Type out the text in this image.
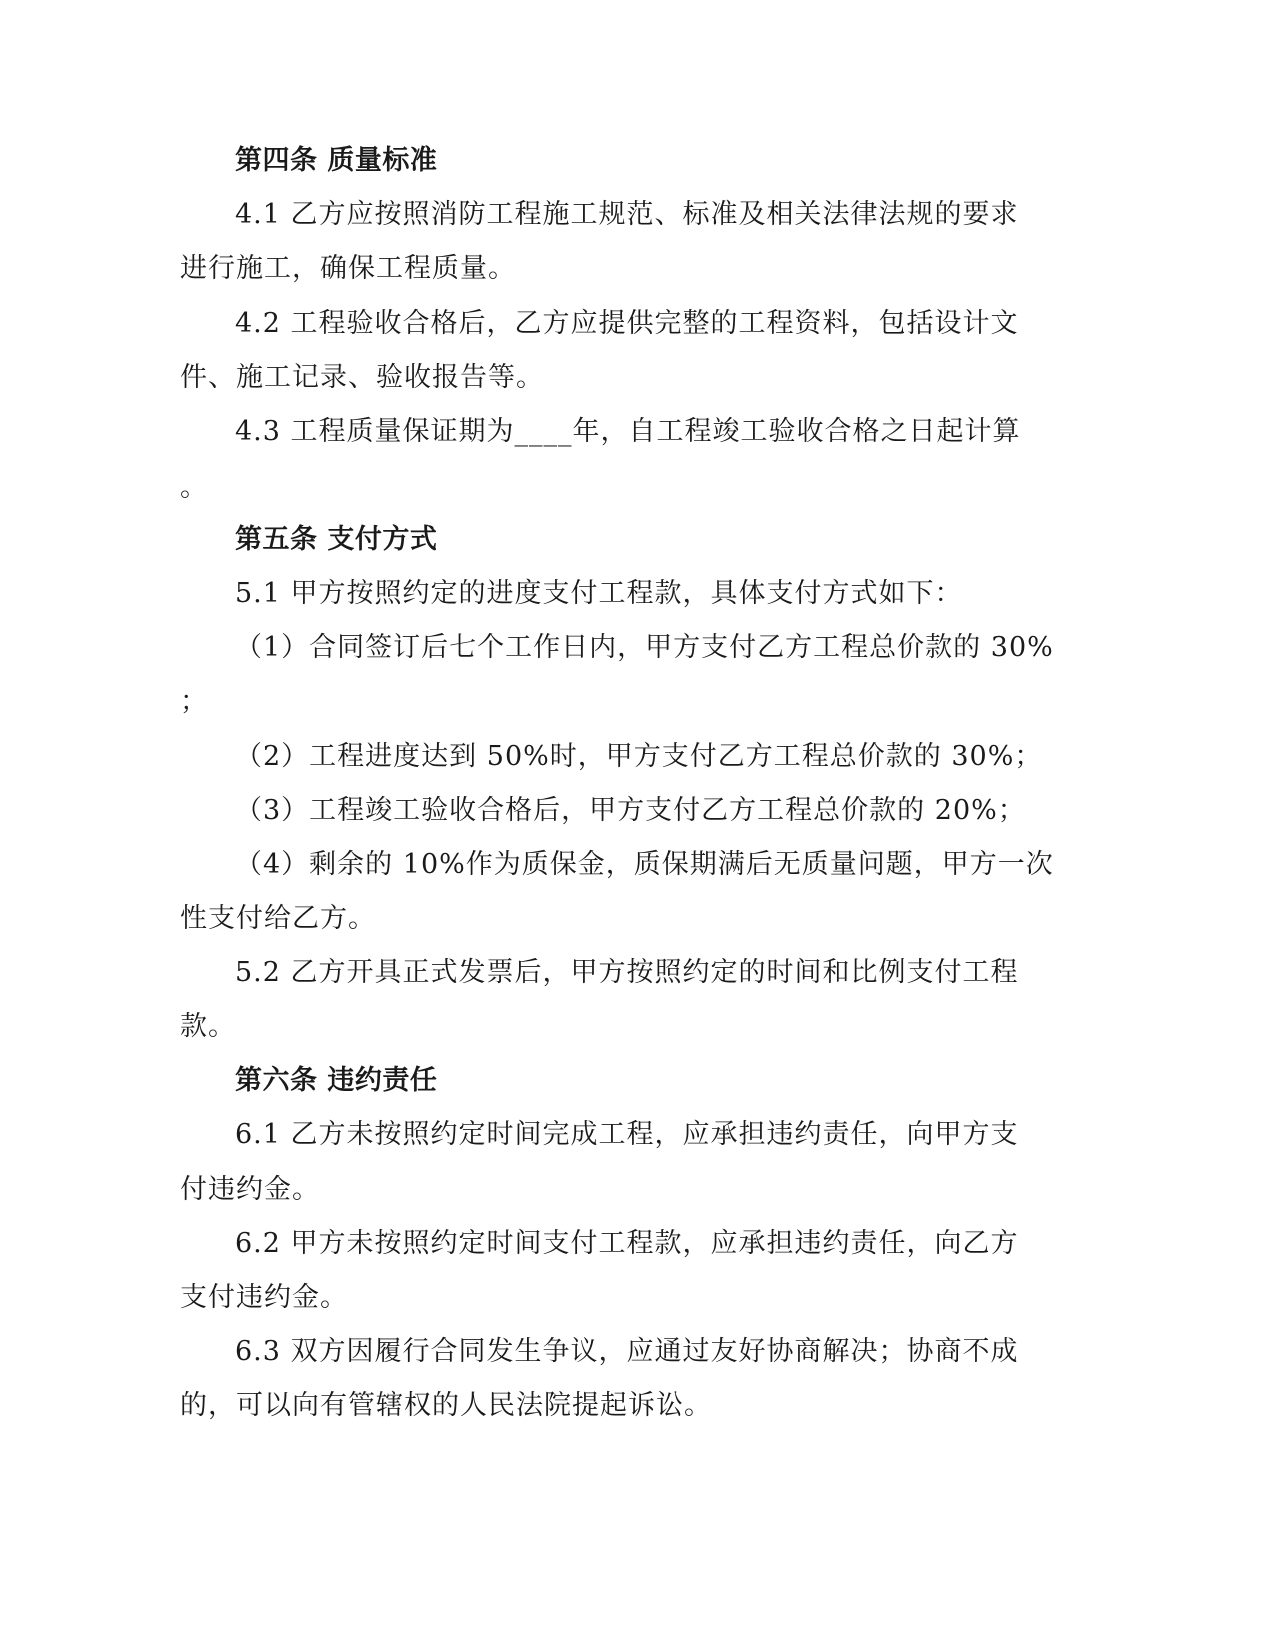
第四条 质量标准
4.1 乙方应按照消防工程施工规范、标准及相关法律法规的要求
进行施工，确保工程质量。
4.2 工程验收合格后，乙方应提供完整的工程资料，包括设计文
件、施工记录、验收报告等。
4.3 工程质量保证期为____年，自工程竣工验收合格之日起计算
。
第五条 支付方式
5.1 甲方按照约定的进度支付工程款，具体支付方式如下：
（1）合同签订后七个工作日内，甲方支付乙方工程总价款的 30%
；
（2）工程进度达到 50%时，甲方支付乙方工程总价款的 30%；
（3）工程竣工验收合格后，甲方支付乙方工程总价款的 20%；
（4）剩余的 10%作为质保金，质保期满后无质量问题，甲方一次
性支付给乙方。
5.2 乙方开具正式发票后，甲方按照约定的时间和比例支付工程
款。
第六条 违约责任
6.1 乙方未按照约定时间完成工程，应承担违约责任，向甲方支
付违约金。
6.2 甲方未按照约定时间支付工程款，应承担违约责任，向乙方
支付违约金。
6.3 双方因履行合同发生争议，应通过友好协商解决；协商不成
的，可以向有管辖权的人民法院提起诉讼。
